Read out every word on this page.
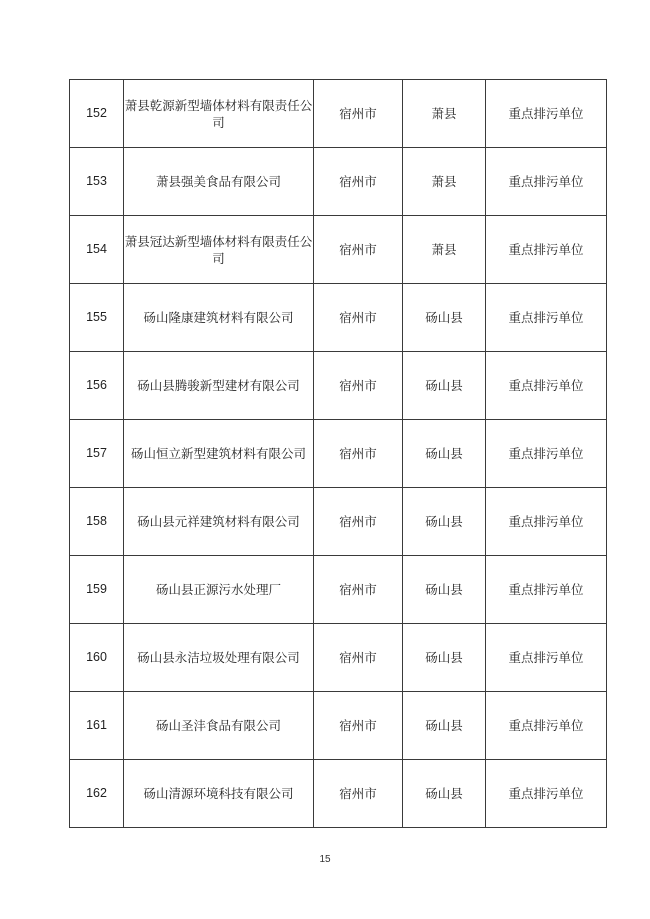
152	萧县乾源新型墙体材料有限责任公司	宿州市	萧县	重点排污单位
153	萧县强美食品有限公司	宿州市	萧县	重点排污单位
154	萧县冠达新型墙体材料有限责任公司	宿州市	萧县	重点排污单位
155	砀山隆康建筑材料有限公司	宿州市	砀山县	重点排污单位
156	砀山县腾骏新型建材有限公司	宿州市	砀山县	重点排污单位
157	砀山恒立新型建筑材料有限公司	宿州市	砀山县	重点排污单位
158	砀山县元祥建筑材料有限公司	宿州市	砀山县	重点排污单位
159	砀山县正源污水处理厂	宿州市	砀山县	重点排污单位
160	砀山县永洁垃圾处理有限公司	宿州市	砀山县	重点排污单位
161	砀山圣沣食品有限公司	宿州市	砀山县	重点排污单位
162	砀山清源环境科技有限公司	宿州市	砀山县	重点排污单位
15
